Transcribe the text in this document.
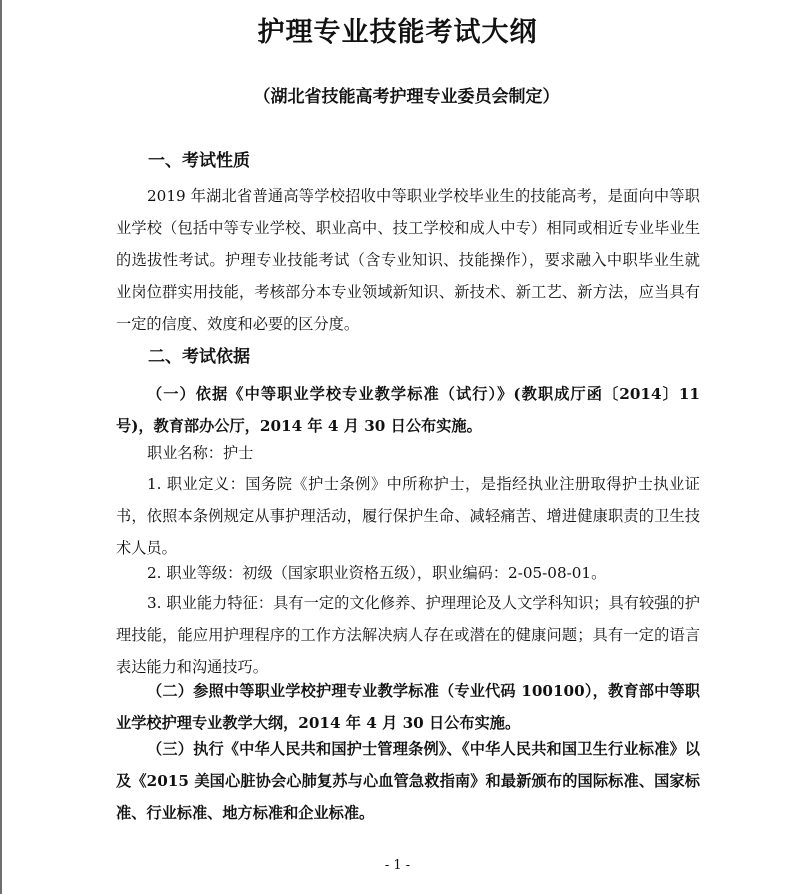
护理专业技能考试大纲

（湖北省技能高考护理专业委员会制定）

一、考试性质

2019 年湖北省普通高等学校招收中等职业学校毕业生的技能高考，是面向中等职业学校（包括中等专业学校、职业高中、技工学校和成人中专）相同或相近专业毕业生的选拔性考试。护理专业技能考试（含专业知识、技能操作），要求融入中职毕业生就业岗位群实用技能，考核部分本专业领域新知识、新技术、新工艺、新方法，应当具有一定的信度、效度和必要的区分度。

二、考试依据

（一）依据《中等职业学校专业教学标准（试行）》(教职成厅函〔2014〕11 号)，教育部办公厅，2014 年 4 月 30 日公布实施。

职业名称：护士

1. 职业定义：国务院《护士条例》中所称护士，是指经执业注册取得护士执业证书，依照本条例规定从事护理活动，履行保护生命、减轻痛苦、增进健康职责的卫生技术人员。

2. 职业等级：初级（国家职业资格五级），职业编码：2-05-08-01。

3. 职业能力特征：具有一定的文化修养、护理理论及人文学科知识；具有较强的护理技能，能应用护理程序的工作方法解决病人存在或潜在的健康问题；具有一定的语言表达能力和沟通技巧。

（二）参照中等职业学校护理专业教学标准（专业代码 100100），教育部中等职业学校护理专业教学大纲，2014 年 4 月 30 日公布实施。

（三）执行《中华人民共和国护士管理条例》、《中华人民共和国卫生行业标准》以及《2015 美国心脏协会心肺复苏与心血管急救指南》和最新颁布的国际标准、国家标准、行业标准、地方标准和企业标准。

- 1 -
